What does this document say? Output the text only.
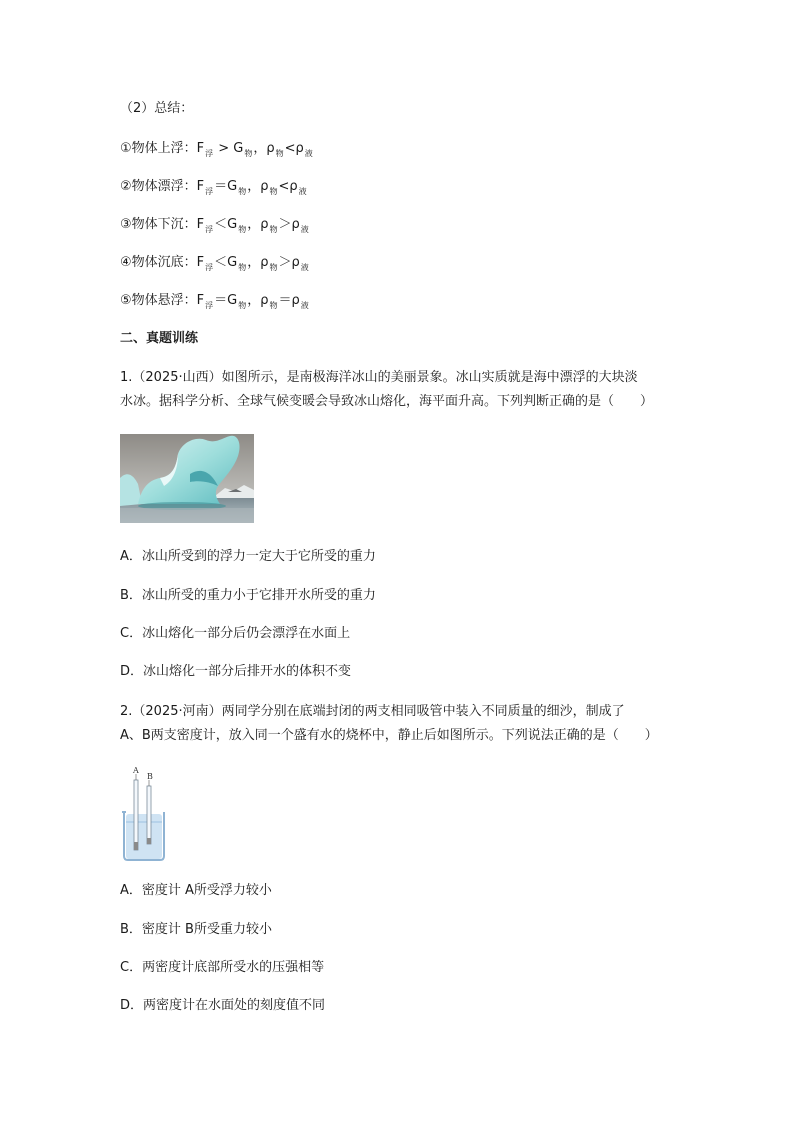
（2）总结：
①物体上浮：$F_浮 > G_物$，$\rho_物<\rho_液$
②物体漂浮：$F_浮=G_物$，$\rho_物<\rho_液$
③物体下沉：$F_浮<G_物$，$\rho_物>\rho_液$
④物体沉底：$F_浮<G_物$，$\rho_物>\rho_液$
⑤物体悬浮：$F_浮=G_物$，$\rho_物=\rho_液$
二、真题训练
1.（2025·山西）如图所示，是南极海洋冰山的美丽景象。冰山实质就是海中漂浮的大块淡
水冰。据科学分析、全球气候变暖会导致冰山熔化，海平面升高。下列判断正确的是（　　）
A．冰山所受到的浮力一定大于它所受的重力
B．冰山所受的重力小于它排开水所受的重力
C．冰山熔化一部分后仍会漂浮在水面上
D．冰山熔化一部分后排开水的体积不变
2.（2025·河南）两同学分别在底端封闭的两支相同吸管中装入不同质量的细沙，制成了
A、B两支密度计，放入同一个盛有水的烧杯中，静止后如图所示。下列说法正确的是（　　）
A
B
A．密度计 A所受浮力较小
B．密度计 B所受重力较小
C．两密度计底部所受水的压强相等
D．两密度计在水面处的刻度值不同
